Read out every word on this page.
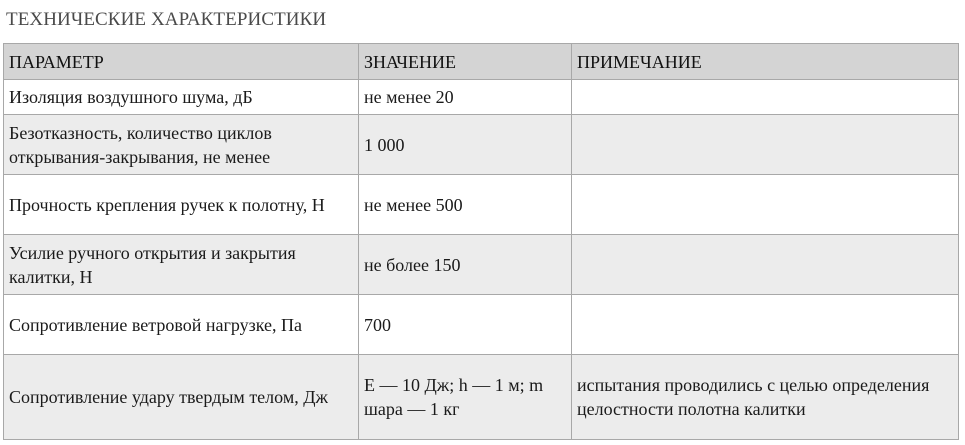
ТЕХНИЧЕСКИЕ ХАРАКТЕРИСТИКИ
ПАРАМЕТР	ЗНАЧЕНИЕ	ПРИМЕЧАНИЕ
Изоляция воздушного шума, дБ	не менее 20	
Безотказность, количество циклов открывания-закрывания, не менее	1 000	
Прочность крепления ручек к полотну, Н	не менее 500	
Усилие ручного открытия и закрытия калитки, Н	не более 150	
Сопротивление ветровой нагрузке, Па	700	
Сопротивление удару твердым телом, Дж	Е — 10 Дж; h — 1 м; m шара — 1 кг	испытания проводились с целью определения целостности полотна калитки
